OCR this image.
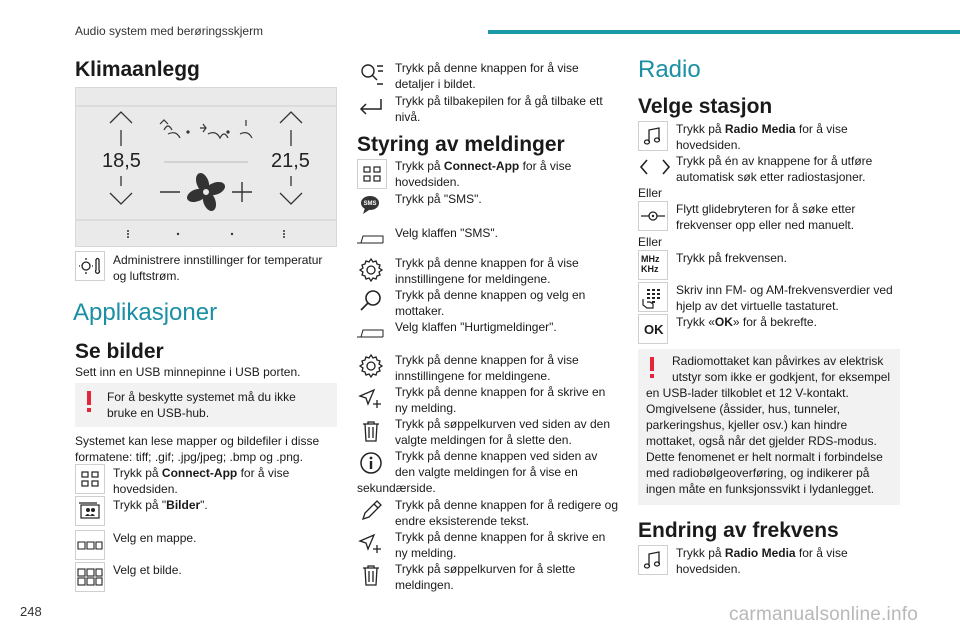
Audio system med berøringsskjerm
Klimaanlegg
18,5	21,5
Administrere innstillinger for temperatur
og luftstrøm.
Applikasjoner
Se bilder
Sett inn en USB minnepinne i USB porten.
For å beskytte systemet må du ikke
bruke en USB-hub.
Systemet kan lese mapper og bildefiler i disse
formatene: tiff; .gif; .jpg/jpeg; .bmp og .png.
Trykk på Connect-App for å vise
hovedsiden.
Trykk på "Bilder".
Velg en mappe.
Velg et bilde.
Trykk på denne knappen for å vise
detaljer i bildet.
Trykk på tilbakepilen for å gå tilbake ett
nivå.
Styring av meldinger
Trykk på Connect-App for å vise
hovedsiden.
SMS Trykk på "SMS".
Velg klaffen "SMS".
Trykk på denne knappen for å vise
innstillingene for meldingene.
Trykk på denne knappen og velg en
mottaker.
Velg klaffen "Hurtigmeldinger".
Trykk på denne knappen for å vise
innstillingene for meldingene.
Trykk på denne knappen for å skrive en
ny melding.
Trykk på søppelkurven ved siden av den
valgte meldingen for å slette den.
Trykk på denne knappen ved siden av
den valgte meldingen for å vise en
sekundærside.
Trykk på denne knappen for å redigere og
endre eksisterende tekst.
Trykk på denne knappen for å skrive en
ny melding.
Trykk på søppelkurven for å slette
meldingen.
Radio
Velge stasjon
Trykk på Radio Media for å vise
hovedsiden.
Trykk på én av knappene for å utføre
automatisk søk etter radiostasjoner.
Eller
Flytt glidebryteren for å søke etter
frekvenser opp eller ned manuelt.
Eller
MHz
KHz
Trykk på frekvensen.
Skriv inn FM- og AM-frekvensverdier ved
hjelp av det virtuelle tastaturet.
OK Trykk «OK» for å bekrefte.
Radiomottaket kan påvirkes av elektrisk
utstyr som ikke er godkjent, for eksempel
en USB-lader tilkoblet et 12 V-kontakt.
Omgivelsene (åssider, hus, tunneler,
parkeringshus, kjeller osv.) kan hindre
mottaket, også når det gjelder RDS-modus.
Dette fenomenet er helt normalt i forbindelse
med radiobølgeoverføring, og indikerer på
ingen måte en funksjonssvikt i lydanlegget.
Endring av frekvens
Trykk på Radio Media for å vise
hovedsiden.
248	carmanualsonline.info
